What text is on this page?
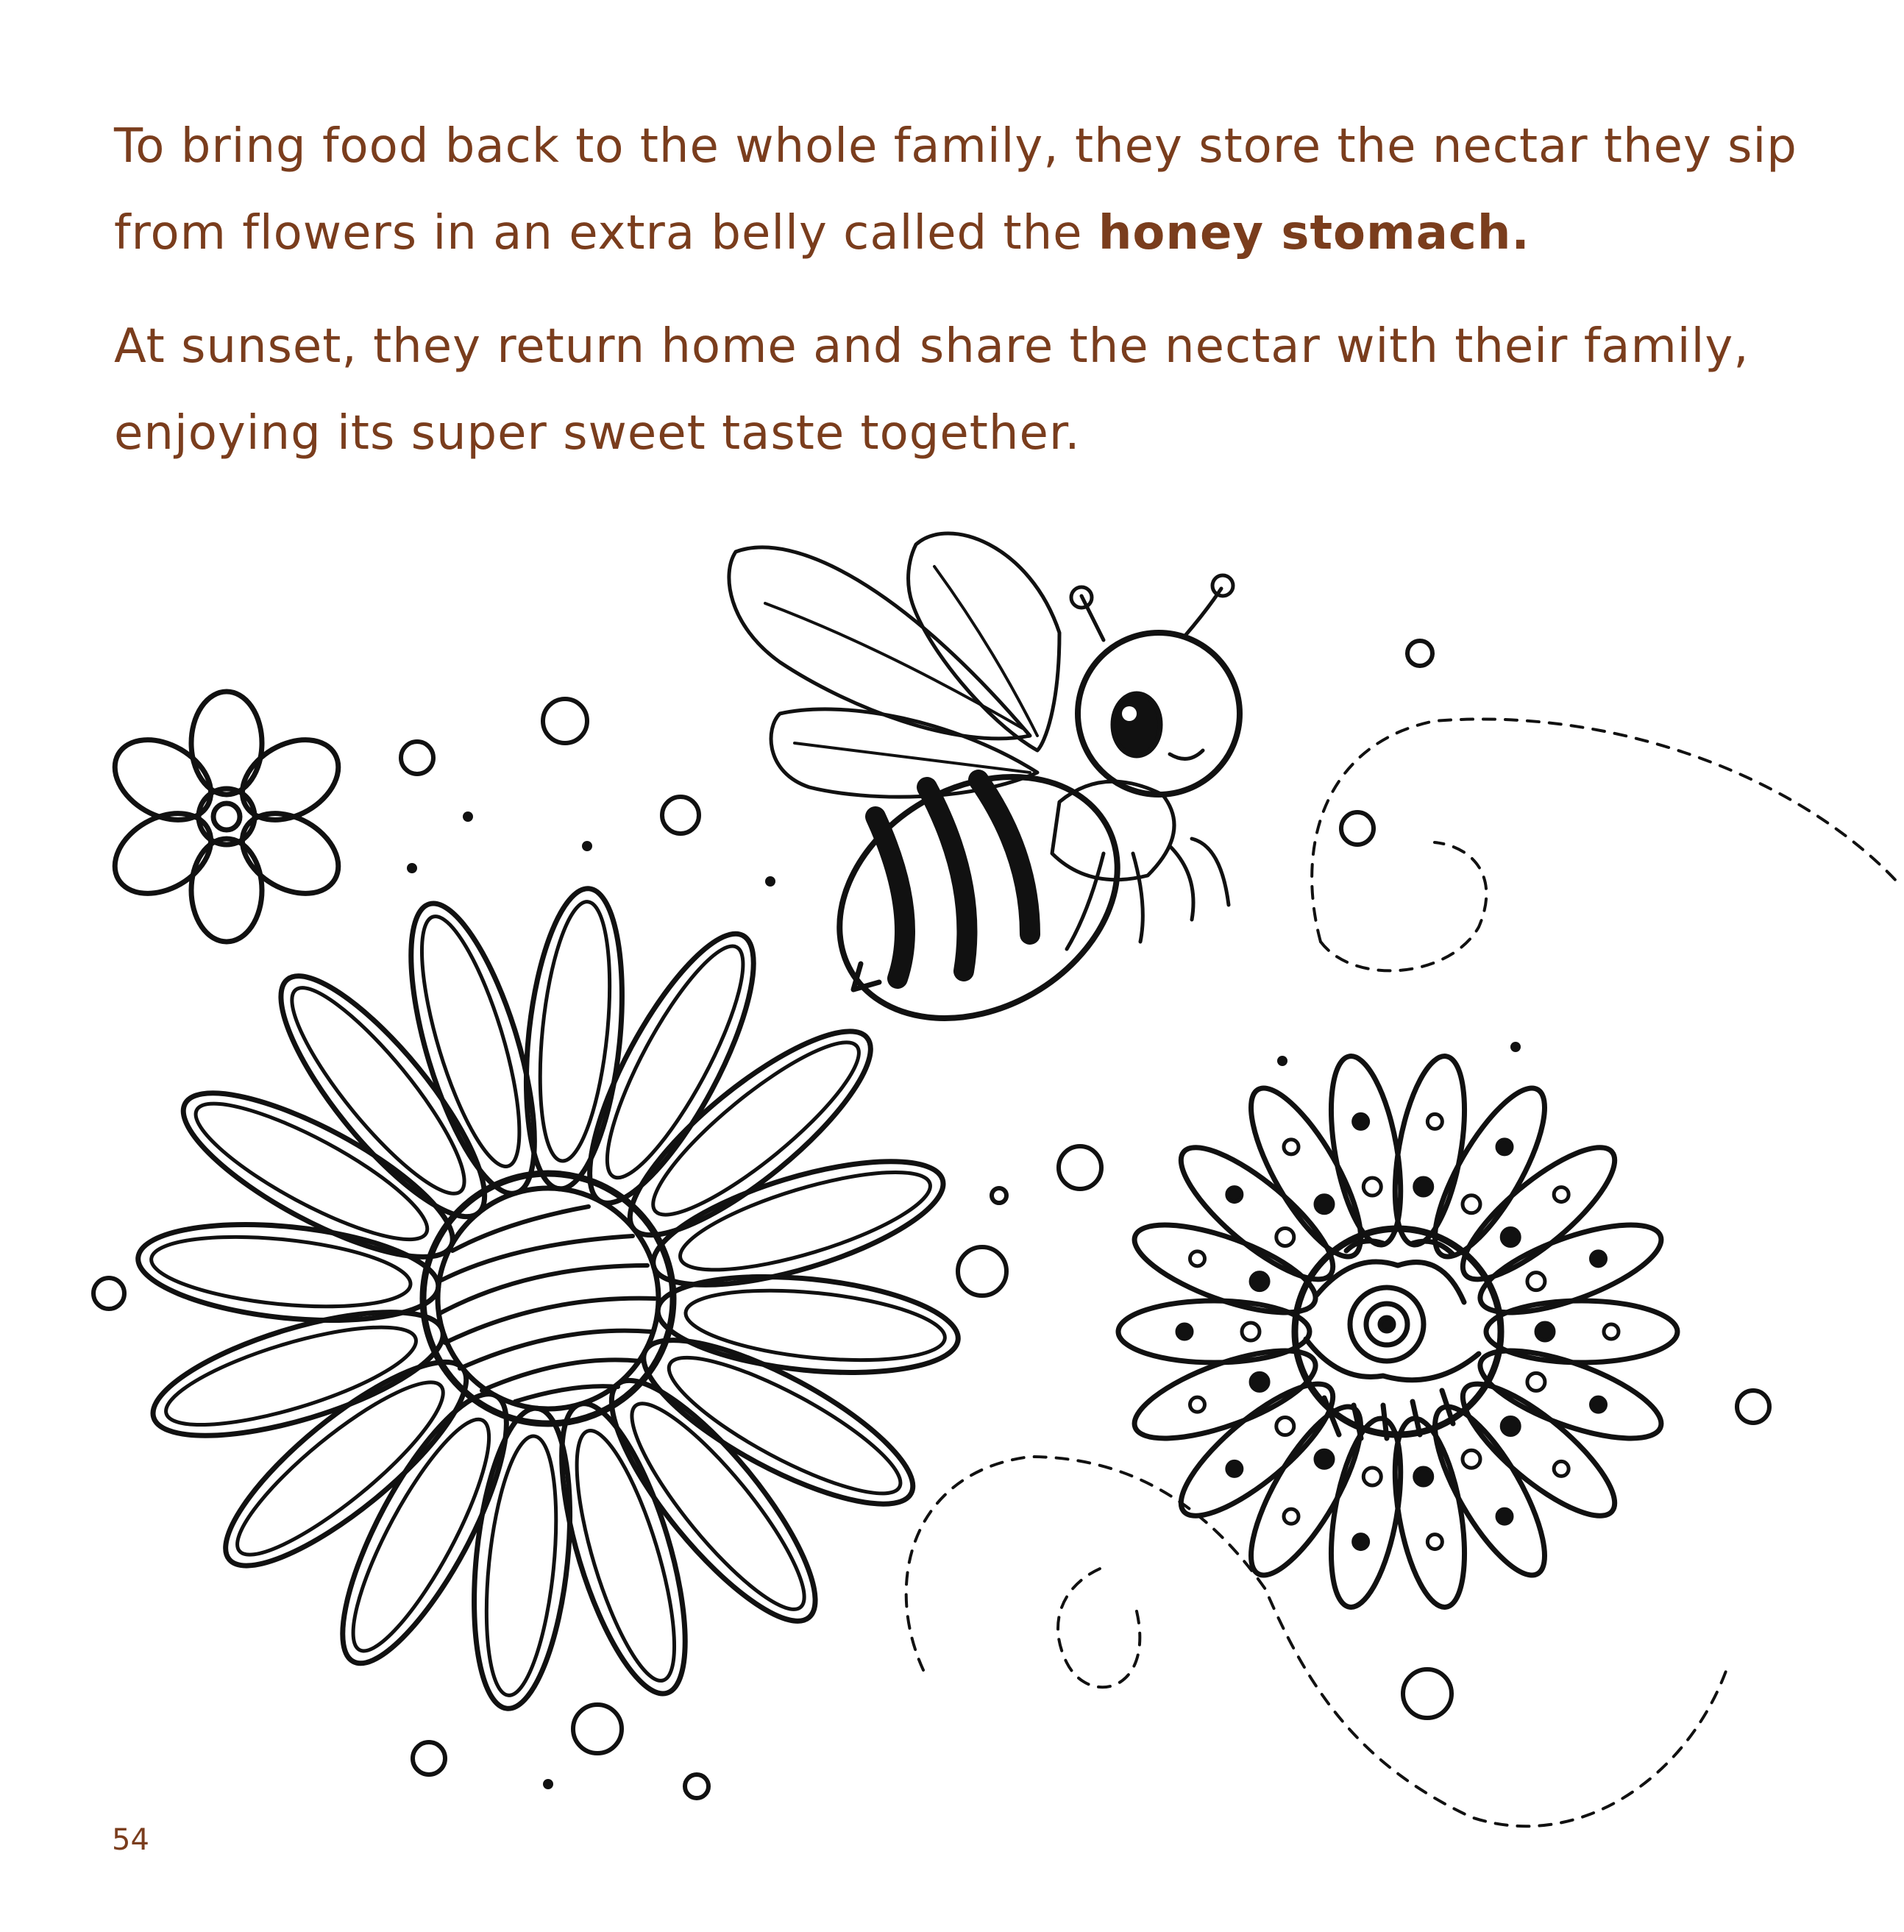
To bring food back to the whole family, they store the nectar they sip from flowers in an extra belly called the honey stomach.

At sunset, they return home and share the nectar with their family, enjoying its super sweet taste together.

54
